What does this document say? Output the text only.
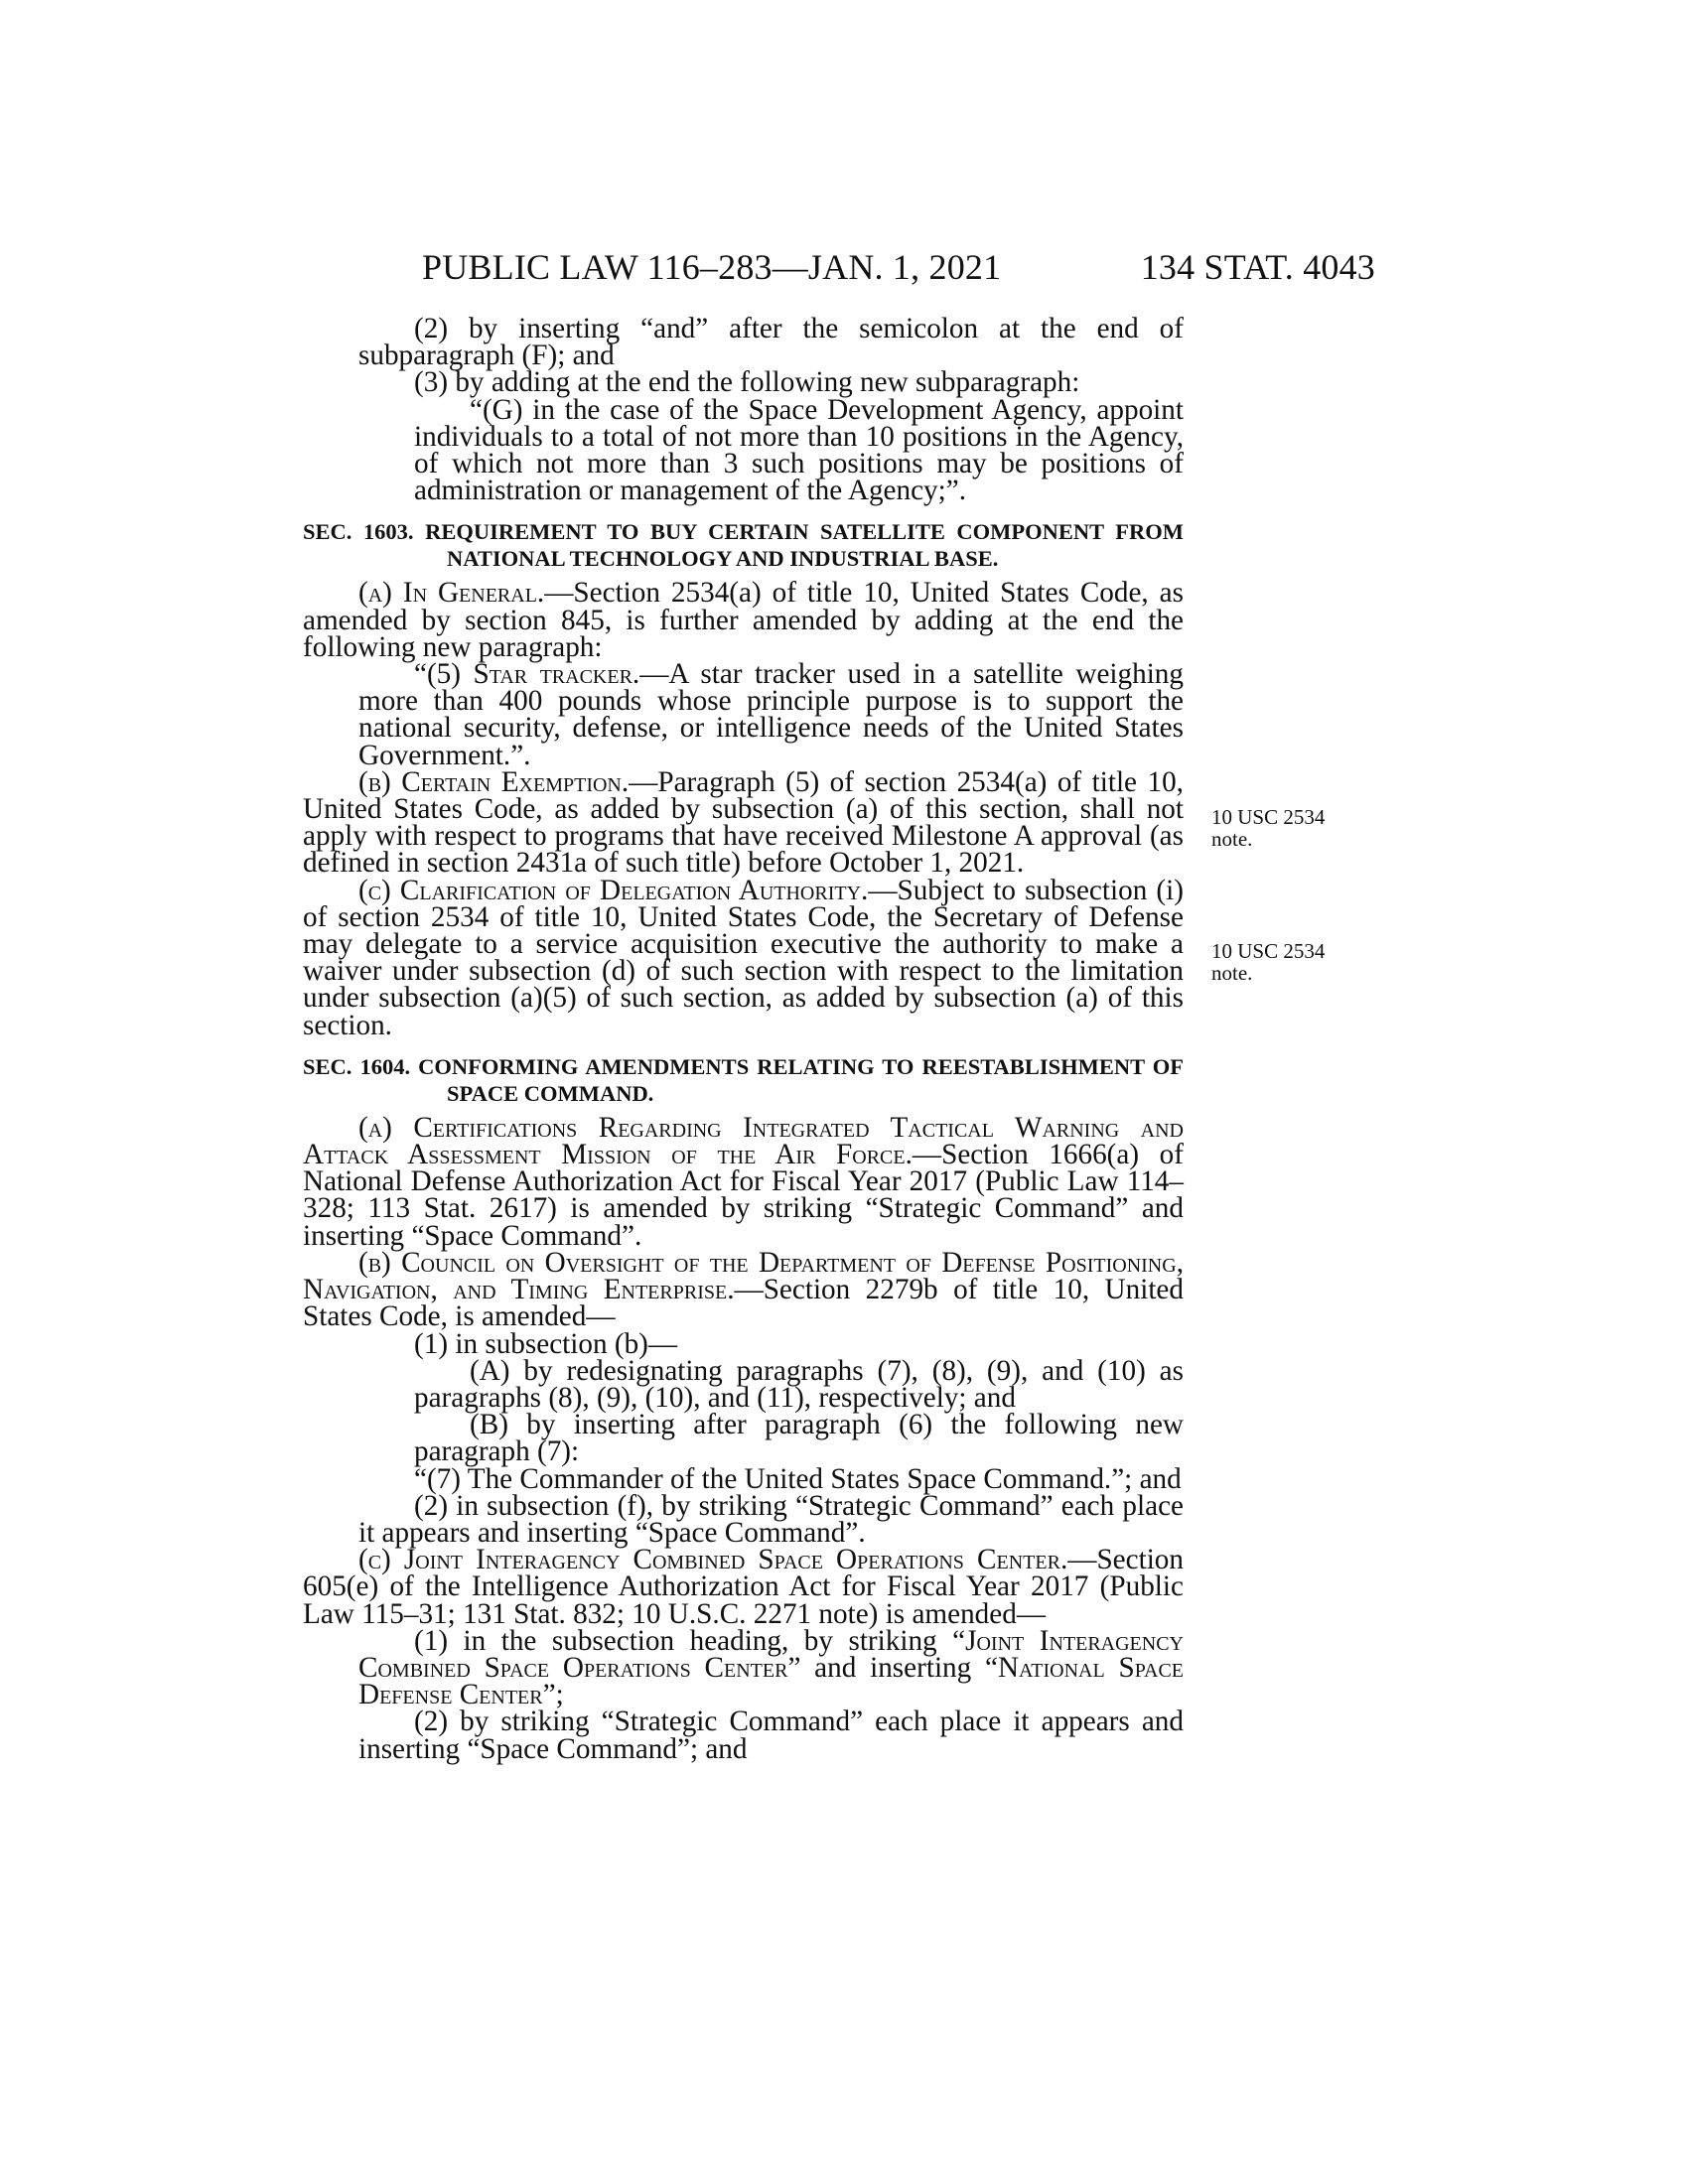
PUBLIC LAW 116–283—JAN. 1, 2021	134 STAT. 4043

(2) by inserting “and” after the semicolon at the end of subparagraph (F); and

(3) by adding at the end the following new subparagraph:

“(G) in the case of the Space Development Agency, appoint individuals to a total of not more than 10 positions in the Agency, of which not more than 3 such positions may be positions of administration or management of the Agency;”.

SEC. 1603. REQUIREMENT TO BUY CERTAIN SATELLITE COMPONENT FROM NATIONAL TECHNOLOGY AND INDUSTRIAL BASE.

(a) In General.—Section 2534(a) of title 10, United States Code, as amended by section 845, is further amended by adding at the end the following new paragraph:

“(5) Star tracker.—A star tracker used in a satellite weighing more than 400 pounds whose principle purpose is to support the national security, defense, or intelligence needs of the United States Government.”.

(b) Certain Exemption.—Paragraph (5) of section 2534(a) of title 10, United States Code, as added by subsection (a) of this section, shall not apply with respect to programs that have received Milestone A approval (as defined in section 2431a of such title) before October 1, 2021.

(c) Clarification of Delegation Authority.—Subject to subsection (i) of section 2534 of title 10, United States Code, the Secretary of Defense may delegate to a service acquisition executive the authority to make a waiver under subsection (d) of such section with respect to the limitation under subsection (a)(5) of such section, as added by subsection (a) of this section.

SEC. 1604. CONFORMING AMENDMENTS RELATING TO REESTABLISHMENT OF SPACE COMMAND.

(a) Certifications Regarding Integrated Tactical Warning and Attack Assessment Mission of the Air Force.—Section 1666(a) of National Defense Authorization Act for Fiscal Year 2017 (Public Law 114–328; 113 Stat. 2617) is amended by striking “Strategic Command” and inserting “Space Command”.

(b) Council on Oversight of the Department of Defense Positioning, Navigation, and Timing Enterprise.—Section 2279b of title 10, United States Code, is amended—

(1) in subsection (b)—

(A) by redesignating paragraphs (7), (8), (9), and (10) as paragraphs (8), (9), (10), and (11), respectively; and

(B) by inserting after paragraph (6) the following new paragraph (7):

“(7) The Commander of the United States Space Command.”; and

(2) in subsection (f), by striking “Strategic Command” each place it appears and inserting “Space Command”.

(c) Joint Interagency Combined Space Operations Center.—Section 605(e) of the Intelligence Authorization Act for Fiscal Year 2017 (Public Law 115–31; 131 Stat. 832; 10 U.S.C. 2271 note) is amended—

(1) in the subsection heading, by striking “Joint Interagency Combined Space Operations Center” and inserting “National Space Defense Center”;

(2) by striking “Strategic Command” each place it appears and inserting “Space Command”; and

10 USC 2534 note.
10 USC 2534 note.
